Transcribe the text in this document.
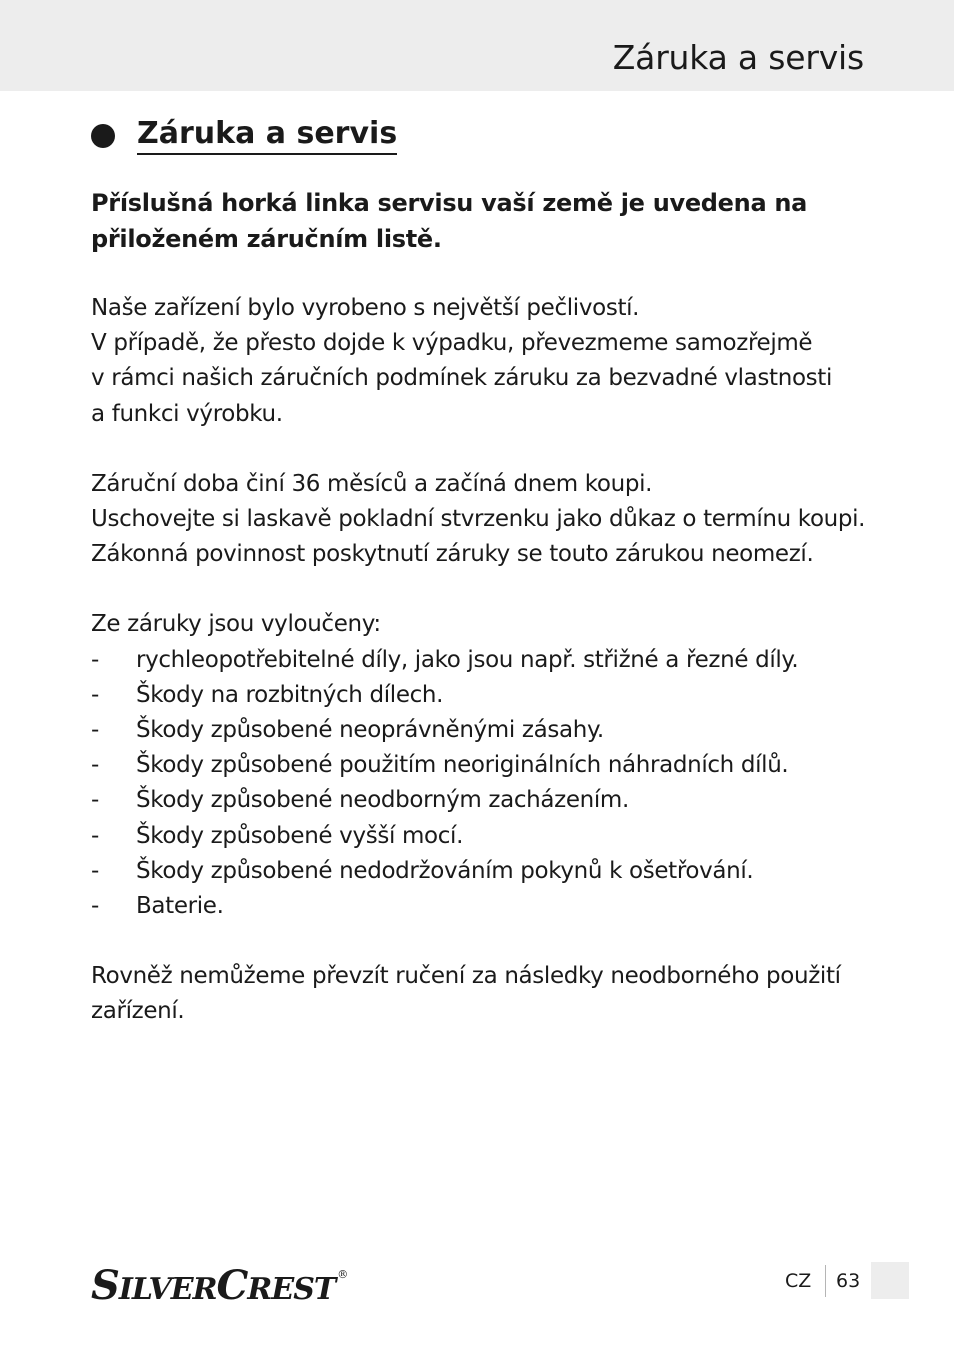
Záruka a servis
Záruka a servis

Příslušná horká linka servisu vaší země je uvedena na
přiloženém záručním listě.

Naše zařízení bylo vyrobeno s největší pečlivostí.
V případě, že přesto dojde k výpadku, převezmeme samozřejmě
v rámci našich záručních podmínek záruku za bezvadné vlastnosti
a funkci výrobku.

Záruční doba činí 36 měsíců a začíná dnem koupi.
Uschovejte si laskavě pokladní stvrzenku jako důkaz o termínu koupi.
Zákonná povinnost poskytnutí záruky se touto zárukou neomezí.

Ze záruky jsou vyloučeny:

- rychleopotřebitelné díly, jako jsou např. střižné a řezné díly.
- Škody na rozbitných dílech.
- Škody způsobené neoprávněnými zásahy.
- Škody způsobené použitím neoriginálních náhradních dílů.
- Škody způsobené neodborným zacházením.
- Škody způsobené vyšší mocí.
- Škody způsobené nedodržováním pokynů k ošetřování.
- Baterie.

Rovněž nemůžeme převzít ručení za následky neodborného použití
zařízení.

S ILVER C REST ®	CZ 63
